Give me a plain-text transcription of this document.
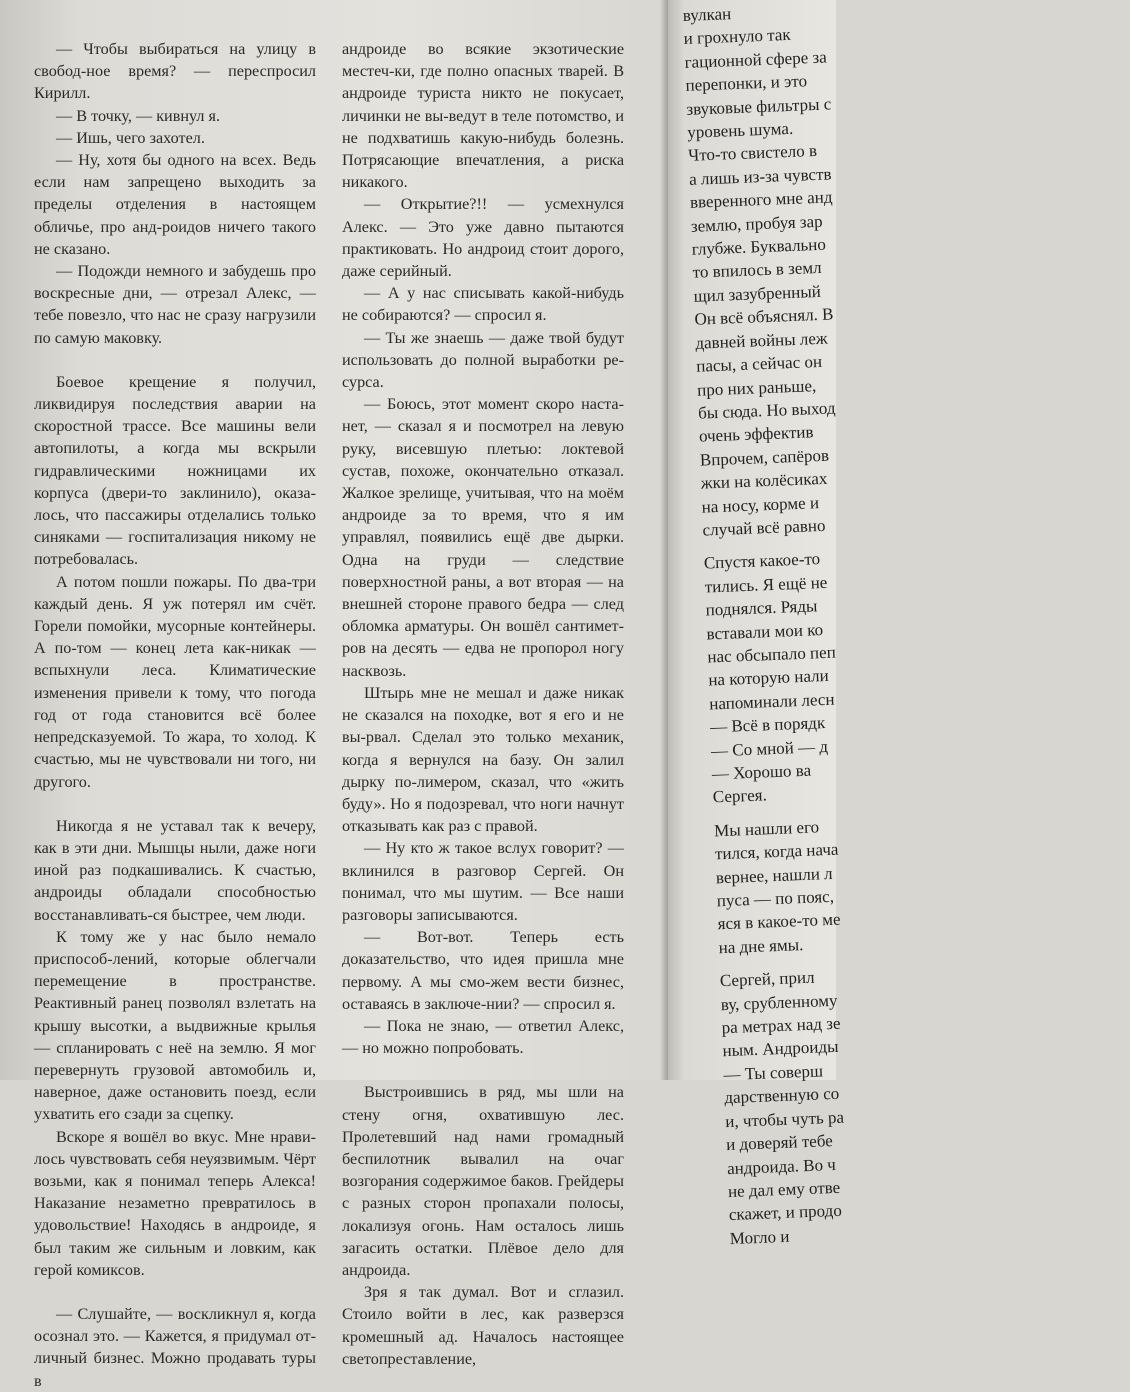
— Чтобы выбираться на улицу в свобод-ное время? — переспросил Кирилл.

— В точку, — кивнул я.

— Ишь, чего захотел.

— Ну, хотя бы одного на всех. Ведь если нам запрещено выходить за пределы отделения в настоящем обличье, про анд-роидов ничего такого не сказано.

— Подожди немного и забудешь про воскресные дни, — отрезал Алекс, — тебе повезло, что нас не сразу нагрузили по самую маковку.

Боевое крещение я получил, ликвидируя последствия аварии на скоростной трассе. Все машины вели автопилоты, а когда мы вскрыли гидравлическими ножницами их корпуса (двери-то заклинило), оказа-лось, что пассажиры отделались только синяками — госпитализация никому не потребовалась.

А потом пошли пожары. По два-три каждый день. Я уж потерял им счёт. Горели помойки, мусорные контейнеры. А по-том — конец лета как-никак — вспыхнули леса. Климатические изменения привели к тому, что погода год от года становится всё более непредсказуемой. То жара, то холод. К счастью, мы не чувствовали ни того, ни другого.

Никогда я не уставал так к вечеру, как в эти дни. Мышцы ныли, даже ноги иной раз подкашивались. К счастью, андроиды обладали способностью восстанавливать-ся быстрее, чем люди.

К тому же у нас было немало приспособ-лений, которые облегчали перемещение в пространстве. Реактивный ранец позволял взлетать на крышу высотки, а выдвижные крылья — спланировать с неё на землю. Я мог перевернуть грузовой автомобиль и, наверное, даже остановить поезд, если ухватить его сзади за сцепку.

Вскоре я вошёл во вкус. Мне нрави-лось чувствовать себя неуязвимым. Чёрт возьми, как я понимал теперь Алекса! Наказание незаметно превратилось в удовольствие! Находясь в андроиде, я был таким же сильным и ловким, как герой комиксов.

— Слушайте, — воскликнул я, когда осознал это. — Кажется, я придумал от-личный бизнес. Можно продавать туры в

андроиде во всякие экзотические местеч-ки, где полно опасных тварей. В андроиде туриста никто не покусает, личинки не вы-ведут в теле потомство, и не подхватишь какую-нибудь болезнь. Потрясающие впечатления, а риска никакого.

— Открытие?!! — усмехнулся Алекс. — Это уже давно пытаются практиковать. Но андроид стоит дорого, даже серийный.

— А у нас списывать какой-нибудь не собираются? — спросил я.

— Ты же знаешь — даже твой будут использовать до полной выработки ре-сурса.

— Боюсь, этот момент скоро наста-нет, — сказал я и посмотрел на левую руку, висевшую плетью: локтевой сустав, похоже, окончательно отказал. Жалкое зрелище, учитывая, что на моём андроиде за то время, что я им управлял, появились ещё две дырки. Одна на груди — следствие поверхностной раны, а вот вторая — на внешней стороне правого бедра — след обломка арматуры. Он вошёл сантимет-ров на десять — едва не пропорол ногу насквозь.

Штырь мне не мешал и даже никак не сказался на походке, вот я его и не вы-рвал. Сделал это только механик, когда я вернулся на базу. Он залил дырку по-лимером, сказал, что «жить буду». Но я подозревал, что ноги начнут отказывать как раз с правой.

— Ну кто ж такое вслух говорит? — вклинился в разговор Сергей. Он понимал, что мы шутим. — Все наши разговоры записываются.

— Вот-вот. Теперь есть доказательство, что идея пришла мне первому. А мы смо-жем вести бизнес, оставаясь в заключе-нии? — спросил я.

— Пока не знаю, — ответил Алекс, — но можно попробовать.

Выстроившись в ряд, мы шли на стену огня, охватившую лес. Пролетевший над нами громадный беспилотник вывалил на очаг возгорания содержимое баков. Грейдеры с разных сторон пропахали полосы, локализуя огонь. Нам осталось лишь загасить остатки. Плёвое дело для андроида.

Зря я так думал. Вот и сглазил. Стоило войти в лес, как разверзся кромешный ад. Началось настоящее светопреставление,

вулкан
и грохнуло так
гационной сфере за
перепонки, и это
звуковые фильтры с
уровень шума.
Что-то свистело в
а лишь из-за чувств
вверенного мне анд
землю, пробуя зар
глубже. Буквально
то впилось в земл
щил зазубренный
Он всё объяснял. В
давней войны леж
пасы, а сейчас он
про них раньше,
бы сюда. Но выход
очень эффектив
Впрочем, сапёров
жки на колёсиках
на носу, корме и
случай всё равно
Спустя какое-то
тились. Я ещё не
поднялся. Ряды
вставали мои ко
нас обсыпало пеп
на которую нали
напоминали лесн
— Всё в порядк
— Со мной — д
— Хорошо ва
Сергея.
Мы нашли его
тился, когда нача
вернее, нашли л
пуса — по пояс,
яся в какое-то ме
на дне ямы.
Сергей, прил
ву, срубленному
ра метрах над зе
ным. Андроиды
— Ты соверш
дарственную со
и, чтобы чуть ра
и доверяй тебе
андроида. Во ч
не дал ему отве
скажет, и продо
Могло и
